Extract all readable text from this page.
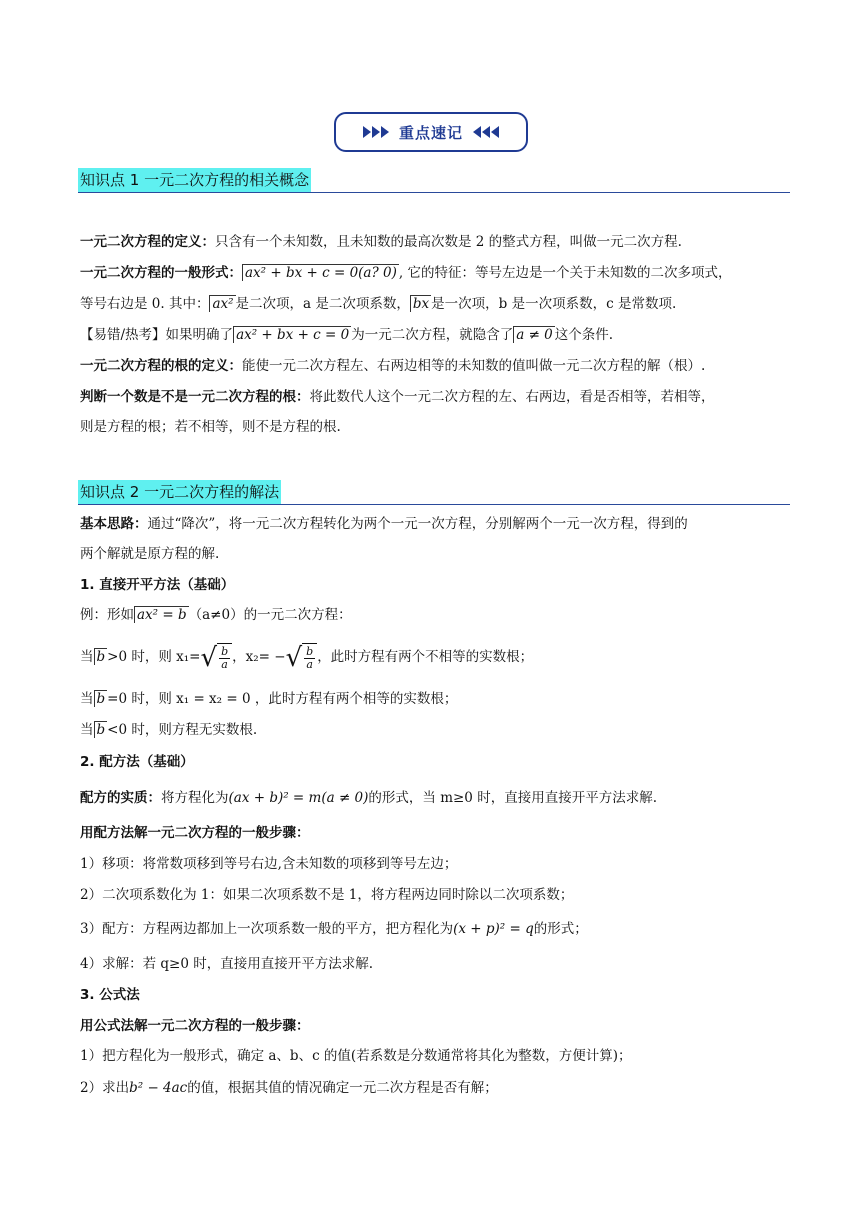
重点速记
知识点 1 一元二次方程的相关概念
一元二次方程的定义：只含有一个未知数，且未知数的最高次数是 2 的整式方程，叫做一元二次方程.
一元二次方程的一般形式： ax² + bx + c = 0(a? 0) , 它的特征：等号左边是一个关于未知数的二次多项式，
等号右边是 0. 其中： ax² 是二次项，a 是二次项系数， bx 是一次项，b 是一次项系数，c 是常数项.
【易错/热考】如果明确了 ax² + bx + c = 0 为一元二次方程，就隐含了 a ≠ 0 这个条件.
一元二次方程的根的定义：能使一元二次方程左、右两边相等的未知数的值叫做一元二次方程的解（根）.
判断一个数是不是一元二次方程的根：将此数代人这个一元二次方程的左、右两边，看是否相等，若相等，
则是方程的根；若不相等，则不是方程的根.
知识点 2 一元二次方程的解法
基本思路：通过“降次”，将一元二次方程转化为两个一元一次方程，分别解两个一元一次方程，得到的
两个解就是原方程的解.
1. 直接开平方法（基础）
例：形如 ax² = b （a≠0）的一元二次方程：
当 b >0 时，则 x₁= √ $\frac{b}{a}$ ，x₂= − √ $\frac{b}{a}$ ，此时方程有两个不相等的实数根；
当 b =0 时，则 x₁ = x₂ = 0 ，此时方程有两个相等的实数根；
当 b <0 时，则方程无实数根.
2. 配方法（基础）
配方的实质：将方程化为(ax + b)² = m(a ≠ 0)的形式，当 m≥0 时，直接用直接开平方法求解.
用配方法解一元二次方程的一般步骤：
1）移项：将常数项移到等号右边,含未知数的项移到等号左边；
2）二次项系数化为 1：如果二次项系数不是 1，将方程两边同时除以二次项系数；
3）配方：方程两边都加上一次项系数一般的平方，把方程化为(x + p)² = q的形式；
4）求解：若 q≥0 时，直接用直接开平方法求解.
3. 公式法
用公式法解一元二次方程的一般步骤：
1）把方程化为一般形式，确定 a、b、c 的值(若系数是分数通常将其化为整数，方便计算)；
2）求出b² − 4ac的值，根据其值的情况确定一元二次方程是否有解；
